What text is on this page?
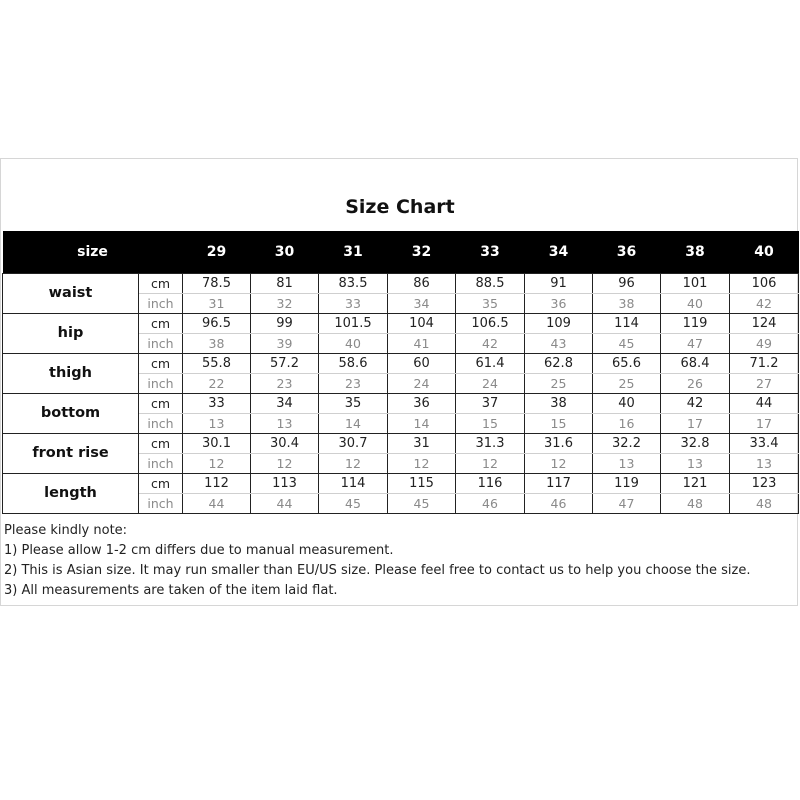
Size Chart
size		29	30	31	32	33	34	36	38	40
waist	cm	78.5	81	83.5	86	88.5	91	96	101	106
	inch	31	32	33	34	35	36	38	40	42
hip	cm	96.5	99	101.5	104	106.5	109	114	119	124
	inch	38	39	40	41	42	43	45	47	49
thigh	cm	55.8	57.2	58.6	60	61.4	62.8	65.6	68.4	71.2
	inch	22	23	23	24	24	25	25	26	27
bottom	cm	33	34	35	36	37	38	40	42	44
	inch	13	13	14	14	15	15	16	17	17
front rise	cm	30.1	30.4	30.7	31	31.3	31.6	32.2	32.8	33.4
	inch	12	12	12	12	12	12	13	13	13
length	cm	112	113	114	115	116	117	119	121	123
	inch	44	44	45	45	46	46	47	48	48
Please kindly note:
1) Please allow 1-2 cm differs due to manual measurement.
2) This is Asian size. It may run smaller than EU/US size. Please feel free to contact us to help you choose the size.
3) All measurements are taken of the item laid flat.
